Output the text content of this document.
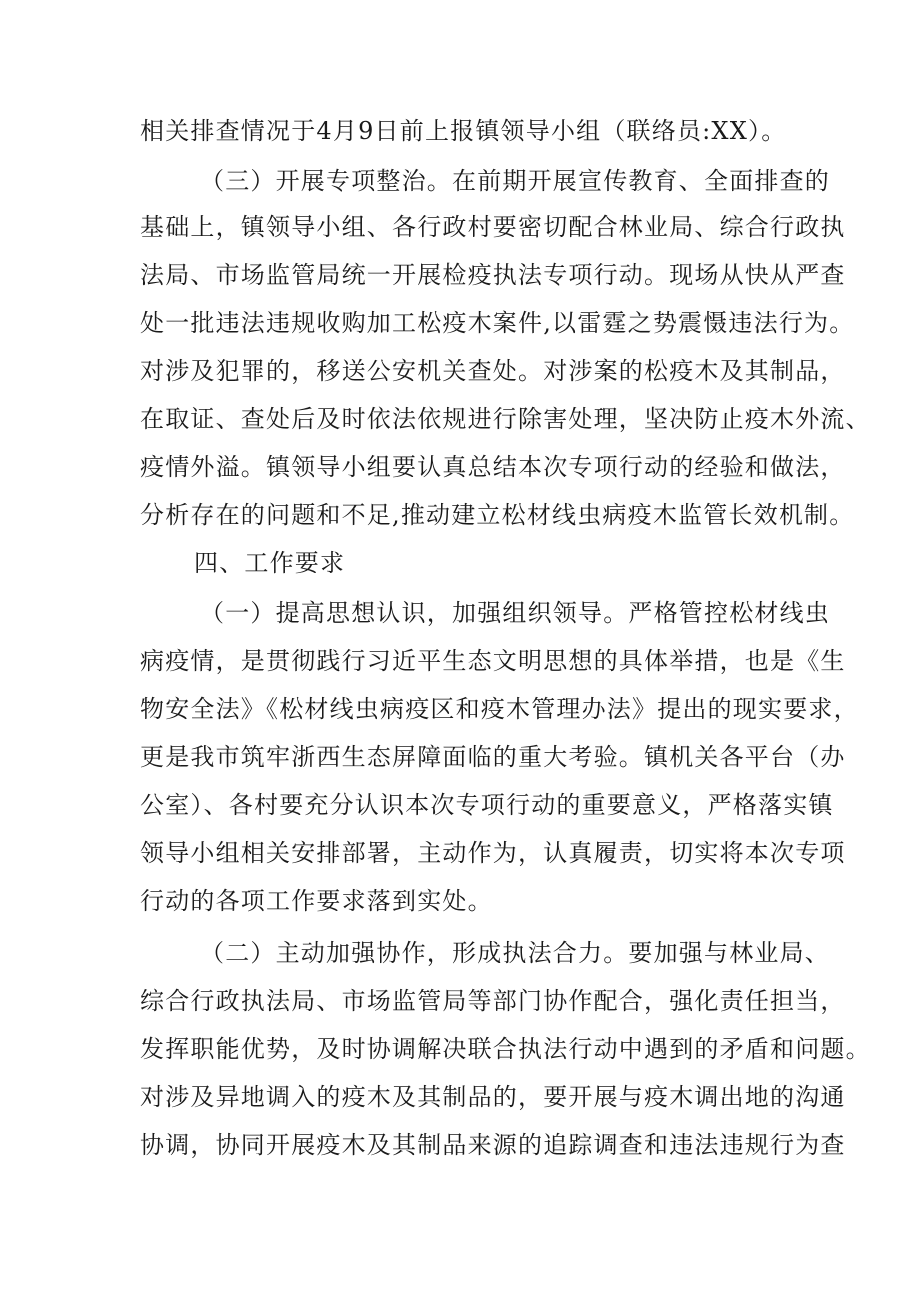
相关排查情况于4月9日前上报镇领导小组（联络员:XX）。
（三）开展专项整治。在前期开展宣传教育、全面排查的
基础上，镇领导小组、各行政村要密切配合林业局、综合行政执
法局、市场监管局统一开展检疫执法专项行动。现场从快从严查
处一批违法违规收购加工松疫木案件,以雷霆之势震慑违法行为。
对涉及犯罪的，移送公安机关查处。对涉案的松疫木及其制品，
在取证、查处后及时依法依规进行除害处理，坚决防止疫木外流、
疫情外溢。镇领导小组要认真总结本次专项行动的经验和做法，
分析存在的问题和不足,推动建立松材线虫病疫木监管长效机制。
四、工作要求
（一）提高思想认识，加强组织领导。严格管控松材线虫
病疫情，是贯彻践行习近平生态文明思想的具体举措，也是《生
物安全法》《松材线虫病疫区和疫木管理办法》提出的现实要求，
更是我市筑牢浙西生态屏障面临的重大考验。镇机关各平台（办
公室）、各村要充分认识本次专项行动的重要意义，严格落实镇
领导小组相关安排部署，主动作为，认真履责，切实将本次专项
行动的各项工作要求落到实处。
（二）主动加强协作，形成执法合力。要加强与林业局、
综合行政执法局、市场监管局等部门协作配合，强化责任担当，
发挥职能优势，及时协调解决联合执法行动中遇到的矛盾和问题。
对涉及异地调入的疫木及其制品的，要开展与疫木调出地的沟通
协调，协同开展疫木及其制品来源的追踪调查和违法违规行为查
